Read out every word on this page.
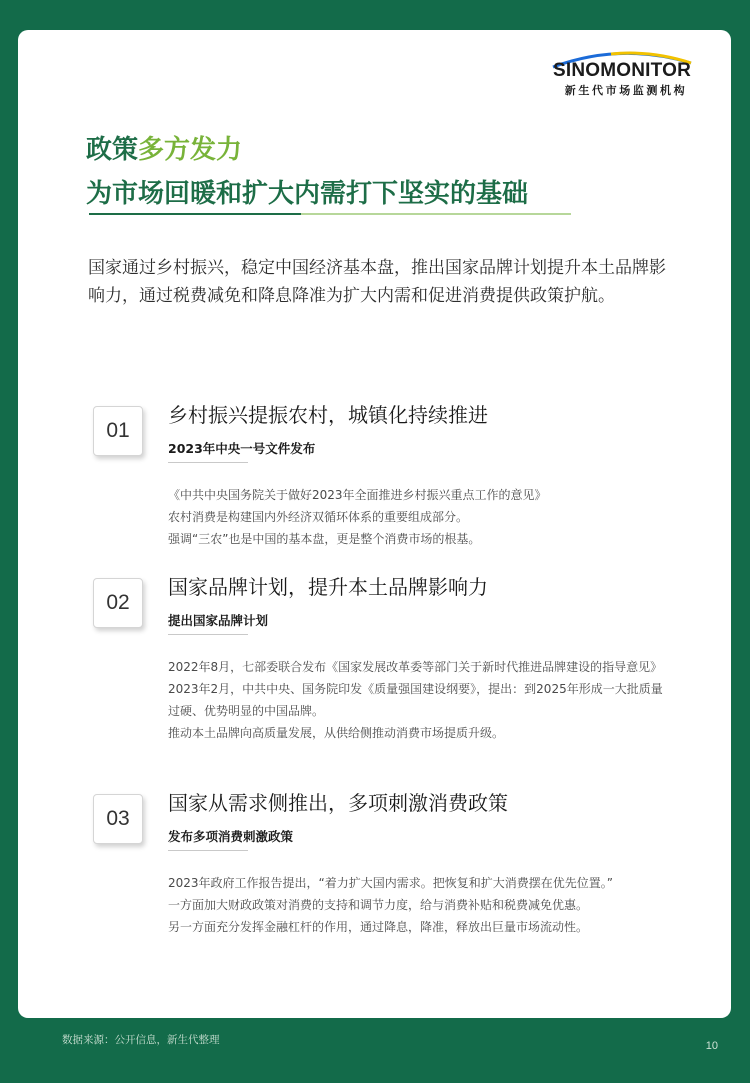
SINOMONITOR
新生代市场监测机构
政策多方发力
为市场回暖和扩大内需打下坚实的基础
国家通过乡村振兴，稳定中国经济基本盘，推出国家品牌计划提升本土品牌影响力，通过税费减免和降息降准为扩大内需和促进消费提供政策护航。
01
乡村振兴提振农村，城镇化持续推进
2023年中央一号文件发布

《中共中央国务院关于做好2023年全面推进乡村振兴重点工作的意见》

农村消费是构建国内外经济双循环体系的重要组成部分。

强调“三农”也是中国的基本盘，更是整个消费市场的根基。

02
国家品牌计划，提升本土品牌影响力
提出国家品牌计划

2022年8月，七部委联合发布《国家发展改革委等部门关于新时代推进品牌建设的指导意见》

2023年2月，中共中央、国务院印发《质量强国建设纲要》，提出：到2025年形成一大批质量过硬、优势明显的中国品牌。

推动本土品牌向高质量发展，从供给侧推动消费市场提质升级。

03
国家从需求侧推出，多项刺激消费政策
发布多项消费刺激政策

2023年政府工作报告提出，“着力扩大国内需求。把恢复和扩大消费摆在优先位置。”

一方面加大财政政策对消费的支持和调节力度，给与消费补贴和税费减免优惠。

另一方面充分发挥金融杠杆的作用，通过降息，降准，释放出巨量市场流动性。

数据来源：公开信息，新生代整理	10
